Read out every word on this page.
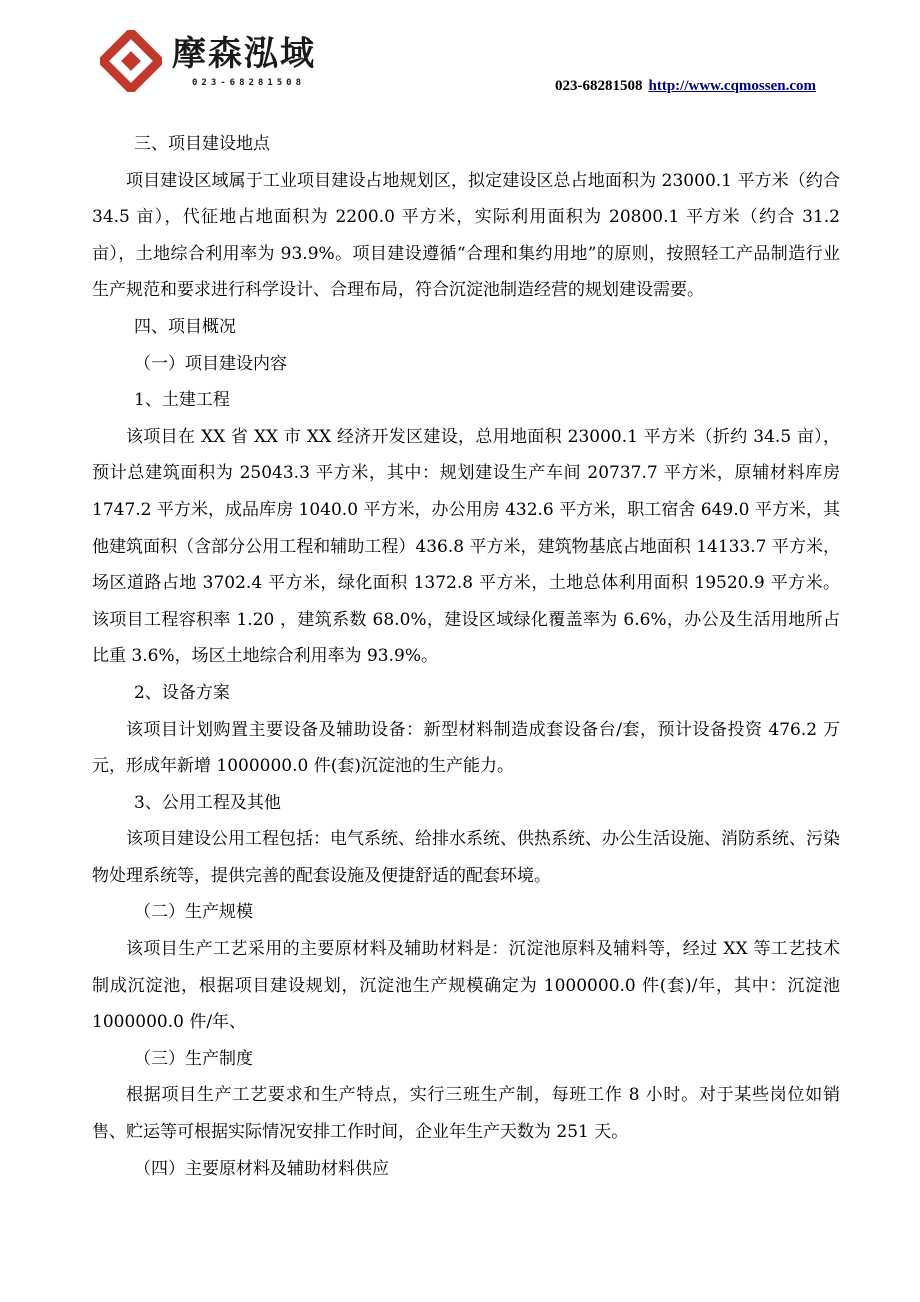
摩森泓域
023-68281508	023-68281508 http://www.cqmossen.com

三、项目建设地点

项目建设区域属于工业项目建设占地规划区，拟定建设区总占地面积为 23000.1 平方米（约合 34.5 亩），代征地占地面积为 2200.0 平方米，实际利用面积为 20800.1 平方米（约合 31.2 亩），土地综合利用率为 93.9%。项目建设遵循“合理和集约用地”的原则，按照轻工产品制造行业生产规范和要求进行科学设计、合理布局，符合沉淀池制造经营的规划建设需要。

四、项目概况

（一）项目建设内容

1、土建工程

该项目在 XX 省 XX 市 XX 经济开发区建设，总用地面积 23000.1 平方米（折约 34.5 亩），预计总建筑面积为 25043.3 平方米，其中：规划建设生产车间 20737.7 平方米，原辅材料库房 1747.2 平方米，成品库房 1040.0 平方米，办公用房 432.6 平方米，职工宿舍 649.0 平方米，其他建筑面积（含部分公用工程和辅助工程）436.8 平方米，建筑物基底占地面积 14133.7 平方米，场区道路占地 3702.4 平方米，绿化面积 1372.8 平方米，土地总体利用面积 19520.9 平方米。该项目工程容积率 1.20 ，建筑系数 68.0%，建设区域绿化覆盖率为 6.6%，办公及生活用地所占比重 3.6%，场区土地综合利用率为 93.9%。

2、设备方案

该项目计划购置主要设备及辅助设备：新型材料制造成套设备台/套，预计设备投资 476.2 万元，形成年新增 1000000.0 件(套)沉淀池的生产能力。

3、公用工程及其他

该项目建设公用工程包括：电气系统、给排水系统、供热系统、办公生活设施、消防系统、污染物处理系统等，提供完善的配套设施及便捷舒适的配套环境。

（二）生产规模

该项目生产工艺采用的主要原材料及辅助材料是：沉淀池原料及辅料等，经过 XX 等工艺技术制成沉淀池，根据项目建设规划，沉淀池生产规模确定为 1000000.0 件(套)/年，其中：沉淀池 1000000.0 件/年、

（三）生产制度

根据项目生产工艺要求和生产特点，实行三班生产制，每班工作 8 小时。对于某些岗位如销售、贮运等可根据实际情况安排工作时间，企业年生产天数为 251 天。

（四）主要原材料及辅助材料供应
